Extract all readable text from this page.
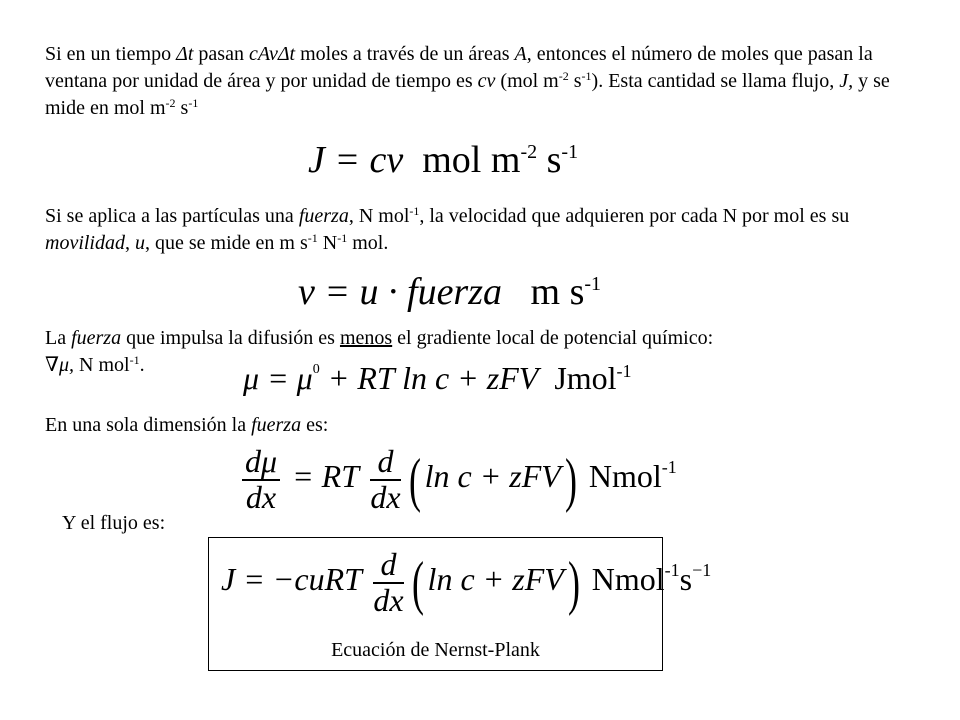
Si en un tiempo Δt pasan cAvΔt moles a través de un áreas A, entonces el número de moles que pasan la ventana por unidad de área y por unidad de tiempo es cv (mol $m^{-2}$ $s^{-1}$). Esta cantidad se llama flujo, J, y se mide en mol $m^{-2}$ $s^{-1}$
J = cv mol $m^{-2}$ $s^{-1}$
Si se aplica a las partículas una fuerza, N mol$^{-1}$, la velocidad que adquieren por cada N por mol es su movilidad, u, que se mide en m $s^{-1}$ $N^{-1}$ mol.
v = u · fuerza m $s^{-1}$
La fuerza que impulsa la difusión es menos el gradiente local de potencial químico:
∇μ, N mol$^{-1}$.	$\mu = \mu^0$ + RT ln c + zFV Jmol$^{-1}$
En una sola dimensión la fuerza es:
$\frac{d\mu}{dx}$ = RT $\frac{d}{dx}$ ( ln c + zFV) Nmol$^{-1}$
Y el flujo es:
J = −cuRT $\frac{d}{dx}$ ( ln c + zFV) $Nmol^{-1}s^{-1}$
Ecuación de Nernst-Plank
